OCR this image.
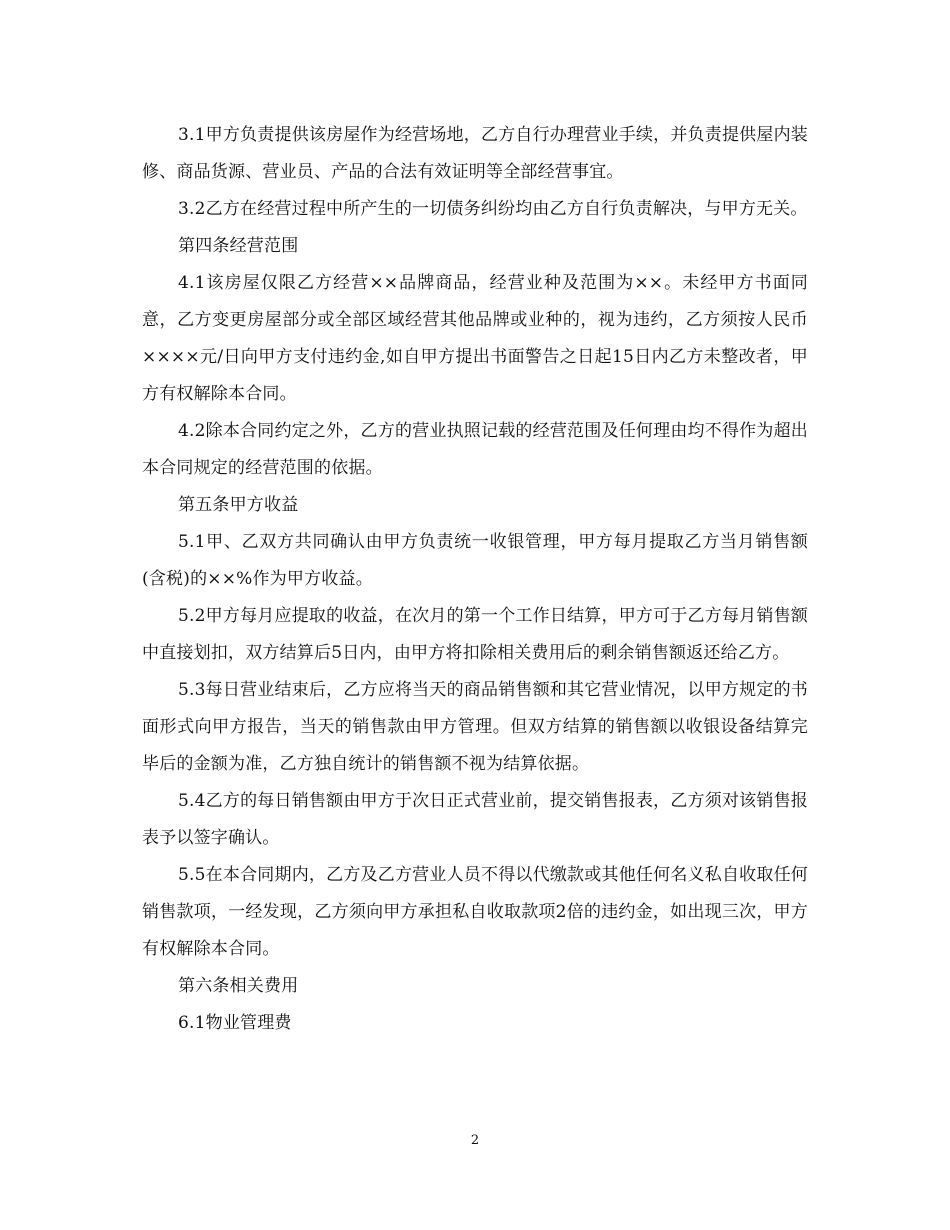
3.1甲方负责提供该房屋作为经营场地，乙方自行办理营业手续，并负责提供屋内装修、商品货源、营业员、产品的合法有效证明等全部经营事宜。

3.2乙方在经营过程中所产生的一切债务纠纷均由乙方自行负责解决，与甲方无关。

第四条经营范围

4.1该房屋仅限乙方经营××品牌商品，经营业种及范围为××。未经甲方书面同意，乙方变更房屋部分或全部区域经营其他品牌或业种的，视为违约，乙方须按人民币××××元/日向甲方支付违约金,如自甲方提出书面警告之日起15日内乙方未整改者，甲方有权解除本合同。

4.2除本合同约定之外，乙方的营业执照记载的经营范围及任何理由均不得作为超出本合同规定的经营范围的依据。

第五条甲方收益

5.1甲、乙双方共同确认由甲方负责统一收银管理，甲方每月提取乙方当月销售额(含税)的××%作为甲方收益。

5.2甲方每月应提取的收益，在次月的第一个工作日结算，甲方可于乙方每月销售额中直接划扣，双方结算后5日内，由甲方将扣除相关费用后的剩余销售额返还给乙方。

5.3每日营业结束后，乙方应将当天的商品销售额和其它营业情况，以甲方规定的书面形式向甲方报告，当天的销售款由甲方管理。但双方结算的销售额以收银设备结算完毕后的金额为准，乙方独自统计的销售额不视为结算依据。

5.4乙方的每日销售额由甲方于次日正式营业前，提交销售报表，乙方须对该销售报表予以签字确认。

5.5在本合同期内，乙方及乙方营业人员不得以代缴款或其他任何名义私自收取任何销售款项，一经发现，乙方须向甲方承担私自收取款项2倍的违约金，如出现三次，甲方有权解除本合同。

第六条相关费用

6.1物业管理费

2
